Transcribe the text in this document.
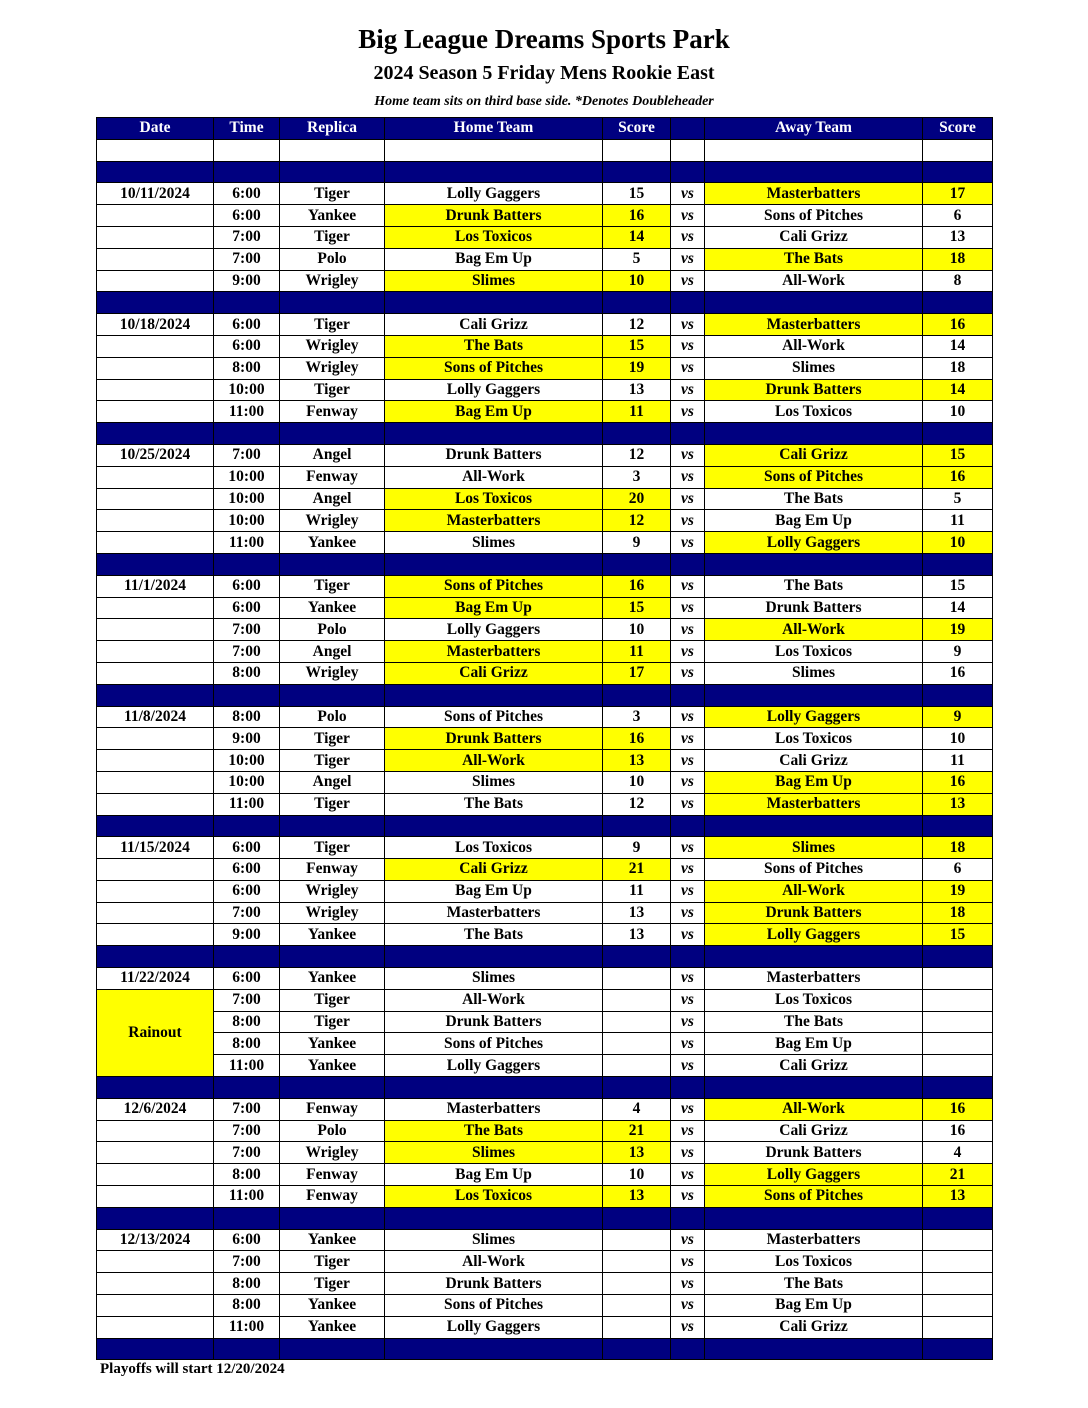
Big League Dreams Sports Park
2024 Season 5 Friday Mens Rookie East
Home team sits on third base side. *Denotes Doubleheader
Date	Time	Replica	Home Team	Score		Away Team	Score

10/11/2024	6:00	Tiger	Lolly Gaggers	15	vs	Masterbatters	17
	6:00	Yankee	Drunk Batters	16	vs	Sons of Pitches	6
	7:00	Tiger	Los Toxicos	14	vs	Cali Grizz	13
	7:00	Polo	Bag Em Up	5	vs	The Bats	18
	9:00	Wrigley	Slimes	10	vs	All-Work	8

10/18/2024	6:00	Tiger	Cali Grizz	12	vs	Masterbatters	16
	6:00	Wrigley	The Bats	15	vs	All-Work	14
	8:00	Wrigley	Sons of Pitches	19	vs	Slimes	18
	10:00	Tiger	Lolly Gaggers	13	vs	Drunk Batters	14
	11:00	Fenway	Bag Em Up	11	vs	Los Toxicos	10

10/25/2024	7:00	Angel	Drunk Batters	12	vs	Cali Grizz	15
	10:00	Fenway	All-Work	3	vs	Sons of Pitches	16
	10:00	Angel	Los Toxicos	20	vs	The Bats	5
	10:00	Wrigley	Masterbatters	12	vs	Bag Em Up	11
	11:00	Yankee	Slimes	9	vs	Lolly Gaggers	10

11/1/2024	6:00	Tiger	Sons of Pitches	16	vs	The Bats	15
	6:00	Yankee	Bag Em Up	15	vs	Drunk Batters	14
	7:00	Polo	Lolly Gaggers	10	vs	All-Work	19
	7:00	Angel	Masterbatters	11	vs	Los Toxicos	9
	8:00	Wrigley	Cali Grizz	17	vs	Slimes	16

11/8/2024	8:00	Polo	Sons of Pitches	3	vs	Lolly Gaggers	9
	9:00	Tiger	Drunk Batters	16	vs	Los Toxicos	10
	10:00	Tiger	All-Work	13	vs	Cali Grizz	11
	10:00	Angel	Slimes	10	vs	Bag Em Up	16
	11:00	Tiger	The Bats	12	vs	Masterbatters	13

11/15/2024	6:00	Tiger	Los Toxicos	9	vs	Slimes	18
	6:00	Fenway	Cali Grizz	21	vs	Sons of Pitches	6
	6:00	Wrigley	Bag Em Up	11	vs	All-Work	19
	7:00	Wrigley	Masterbatters	13	vs	Drunk Batters	18
	9:00	Yankee	The Bats	13	vs	Lolly Gaggers	15

11/22/2024	6:00	Yankee	Slimes		vs	Masterbatters	
Rainout	7:00	Tiger	All-Work		vs	Los Toxicos	
	8:00	Tiger	Drunk Batters		vs	The Bats	
	8:00	Yankee	Sons of Pitches		vs	Bag Em Up	
	11:00	Yankee	Lolly Gaggers		vs	Cali Grizz	

12/6/2024	7:00	Fenway	Masterbatters	4	vs	All-Work	16
	7:00	Polo	The Bats	21	vs	Cali Grizz	16
	7:00	Wrigley	Slimes	13	vs	Drunk Batters	4
	8:00	Fenway	Bag Em Up	10	vs	Lolly Gaggers	21
	11:00	Fenway	Los Toxicos	13	vs	Sons of Pitches	13

12/13/2024	6:00	Yankee	Slimes		vs	Masterbatters	
	7:00	Tiger	All-Work		vs	Los Toxicos	
	8:00	Tiger	Drunk Batters		vs	The Bats	
	8:00	Yankee	Sons of Pitches		vs	Bag Em Up	
	11:00	Yankee	Lolly Gaggers		vs	Cali Grizz	

Playoffs will start 12/20/2024
